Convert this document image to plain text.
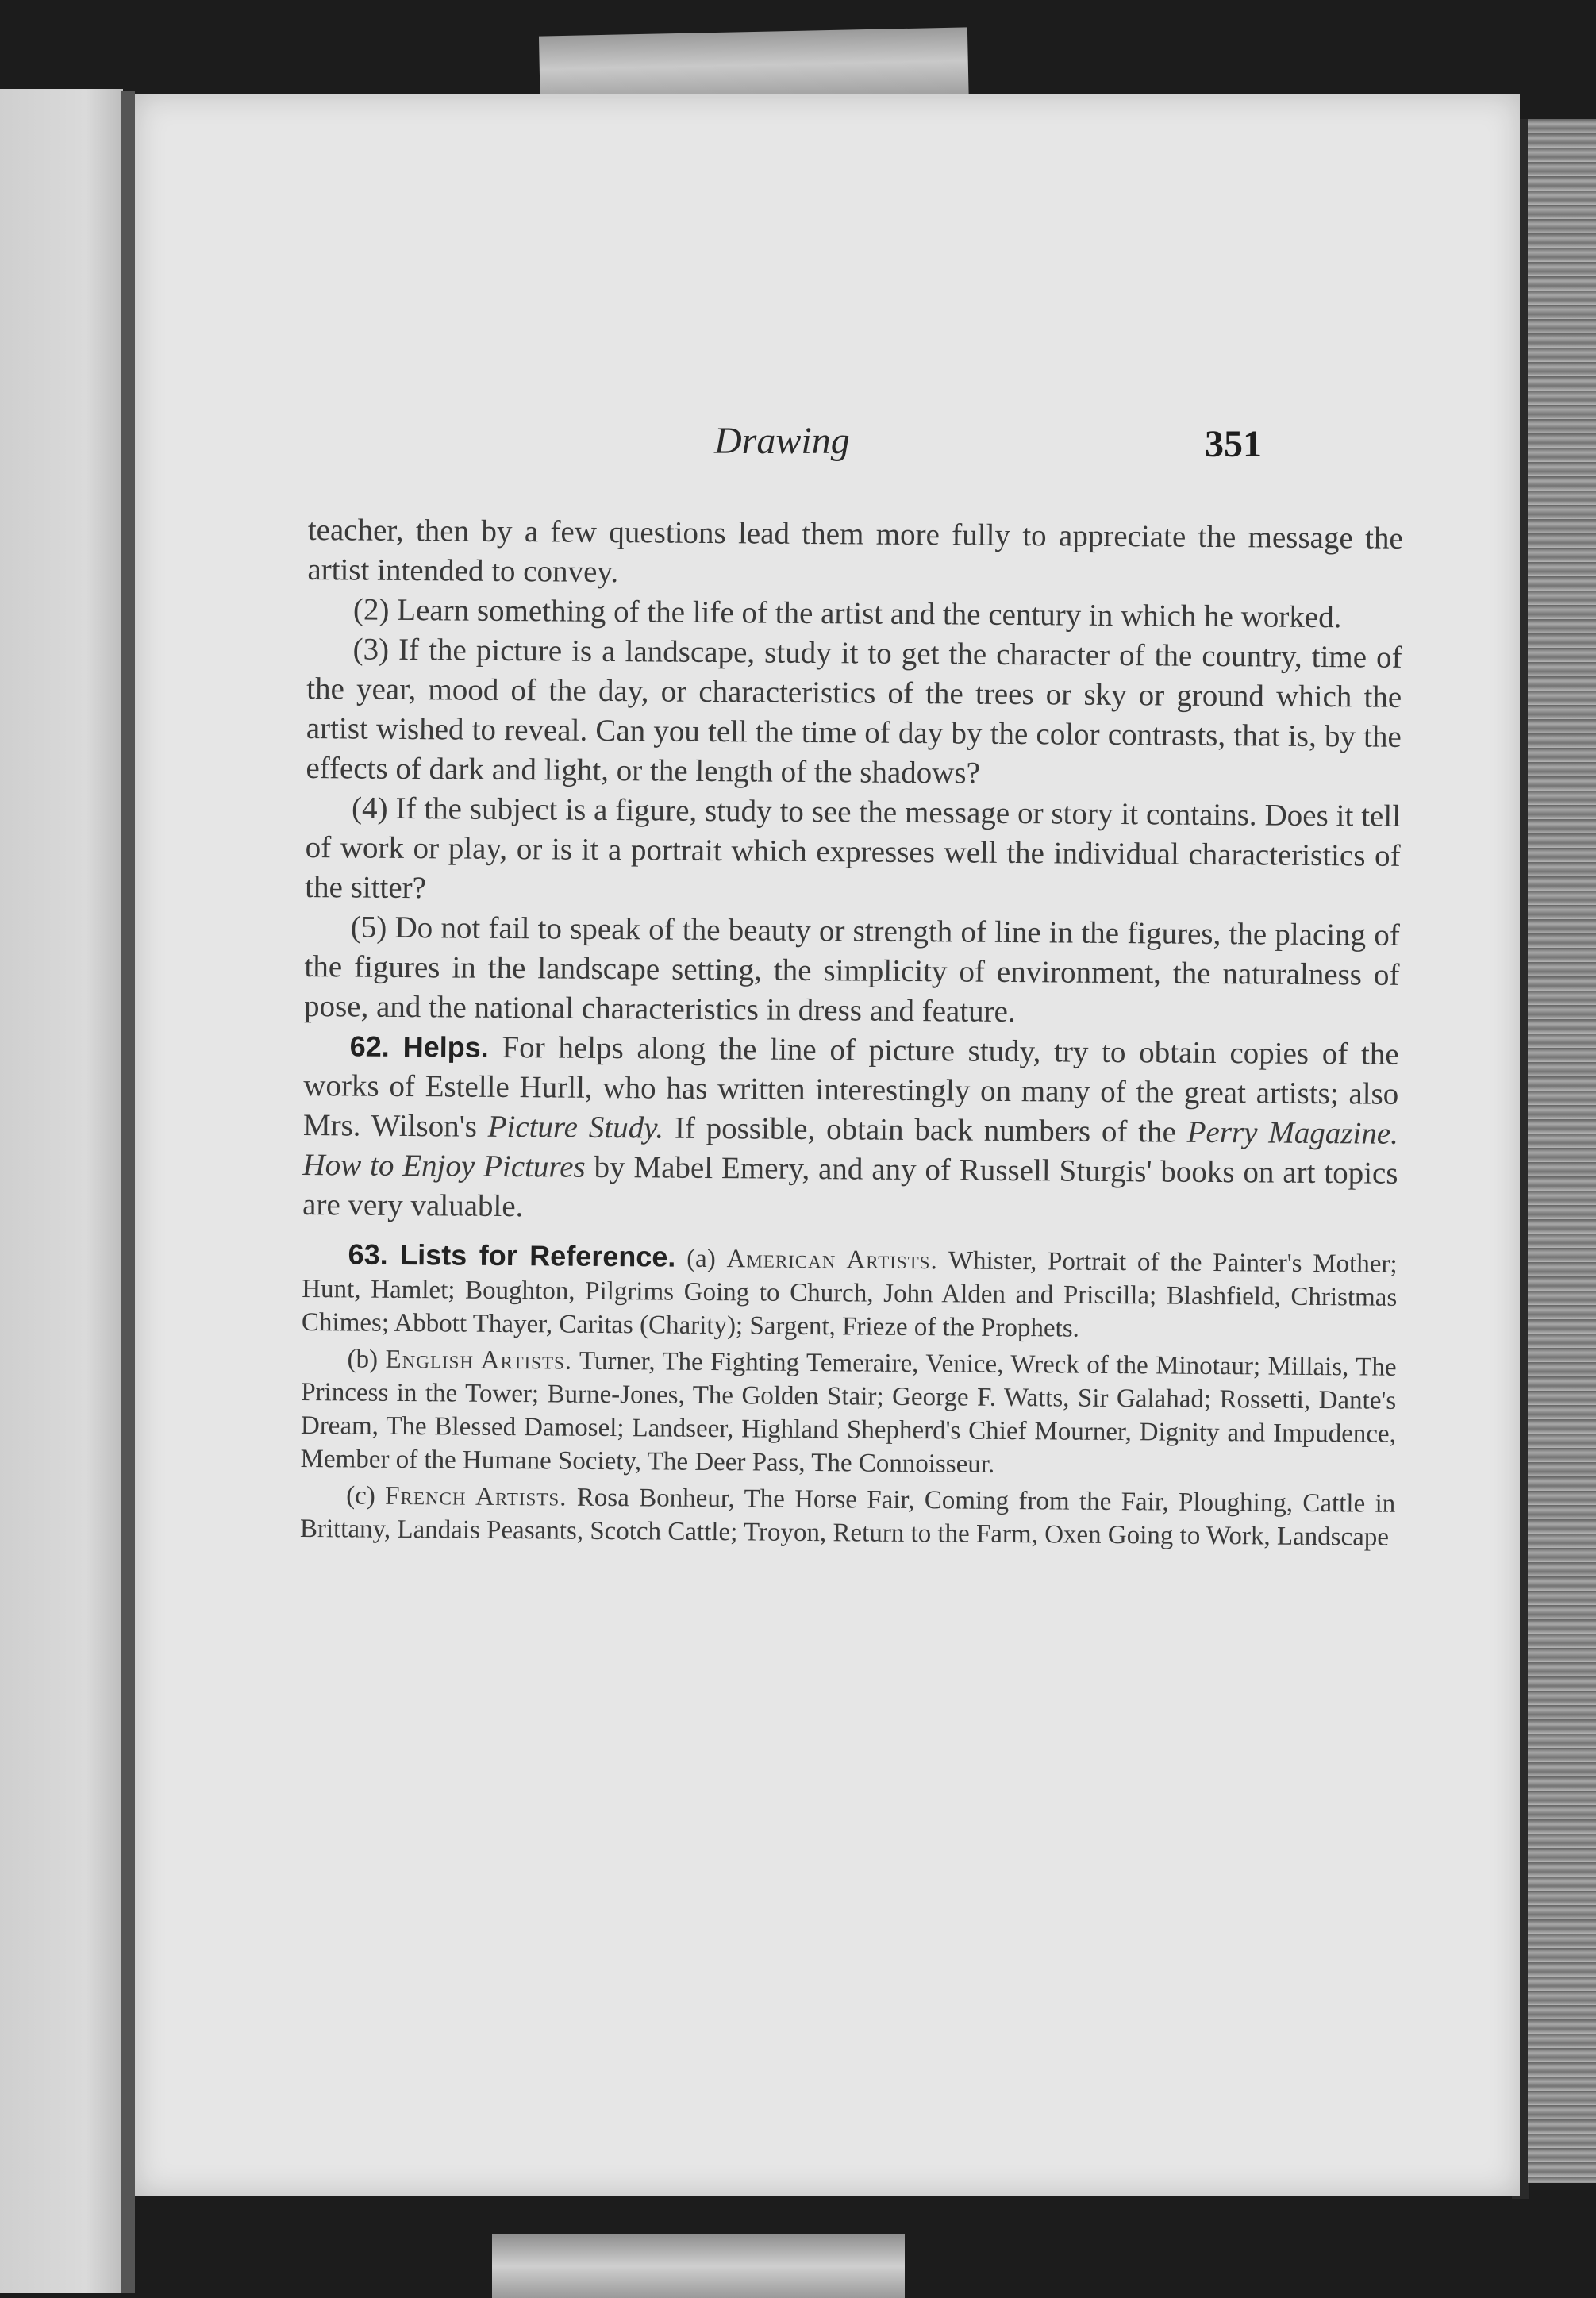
Drawing	351

teacher, then by a few questions lead them more fully to appreciate the message the artist intended to convey.

(2) Learn something of the life of the artist and the century in which he worked.

(3) If the picture is a landscape, study it to get the character of the country, time of the year, mood of the day, or characteristics of the trees or sky or ground which the artist wished to reveal. Can you tell the time of day by the color contrasts, that is, by the effects of dark and light, or the length of the shadows?

(4) If the subject is a figure, study to see the message or story it contains. Does it tell of work or play, or is it a portrait which expresses well the individual characteristics of the sitter?

(5) Do not fail to speak of the beauty or strength of line in the figures, the placing of the figures in the landscape setting, the simplicity of environment, the naturalness of pose, and the national characteristics in dress and feature.

62. Helps. For helps along the line of picture study, try to obtain copies of the works of Estelle Hurll, who has written interestingly on many of the great artists; also Mrs. Wilson's Picture Study. If possible, obtain back numbers of the Perry Magazine. How to Enjoy Pictures by Mabel Emery, and any of Russell Sturgis' books on art topics are very valuable.

63. Lists for Reference. (a) American Artists. Whister, Portrait of the Painter's Mother; Hunt, Hamlet; Boughton, Pilgrims Going to Church, John Alden and Priscilla; Blashfield, Christmas Chimes; Abbott Thayer, Caritas (Charity); Sargent, Frieze of the Prophets.

(b) English Artists. Turner, The Fighting Temeraire, Venice, Wreck of the Minotaur; Millais, The Princess in the Tower; Burne-Jones, The Golden Stair; George F. Watts, Sir Galahad; Rossetti, Dante's Dream, The Blessed Damosel; Landseer, Highland Shepherd's Chief Mourner, Dignity and Impudence, Member of the Humane Society, The Deer Pass, The Connoisseur.

(c) French Artists. Rosa Bonheur, The Horse Fair, Coming from the Fair, Ploughing, Cattle in Brittany, Landais Peasants, Scotch Cattle; Troyon, Return to the Farm, Oxen Going to Work, Landscape
